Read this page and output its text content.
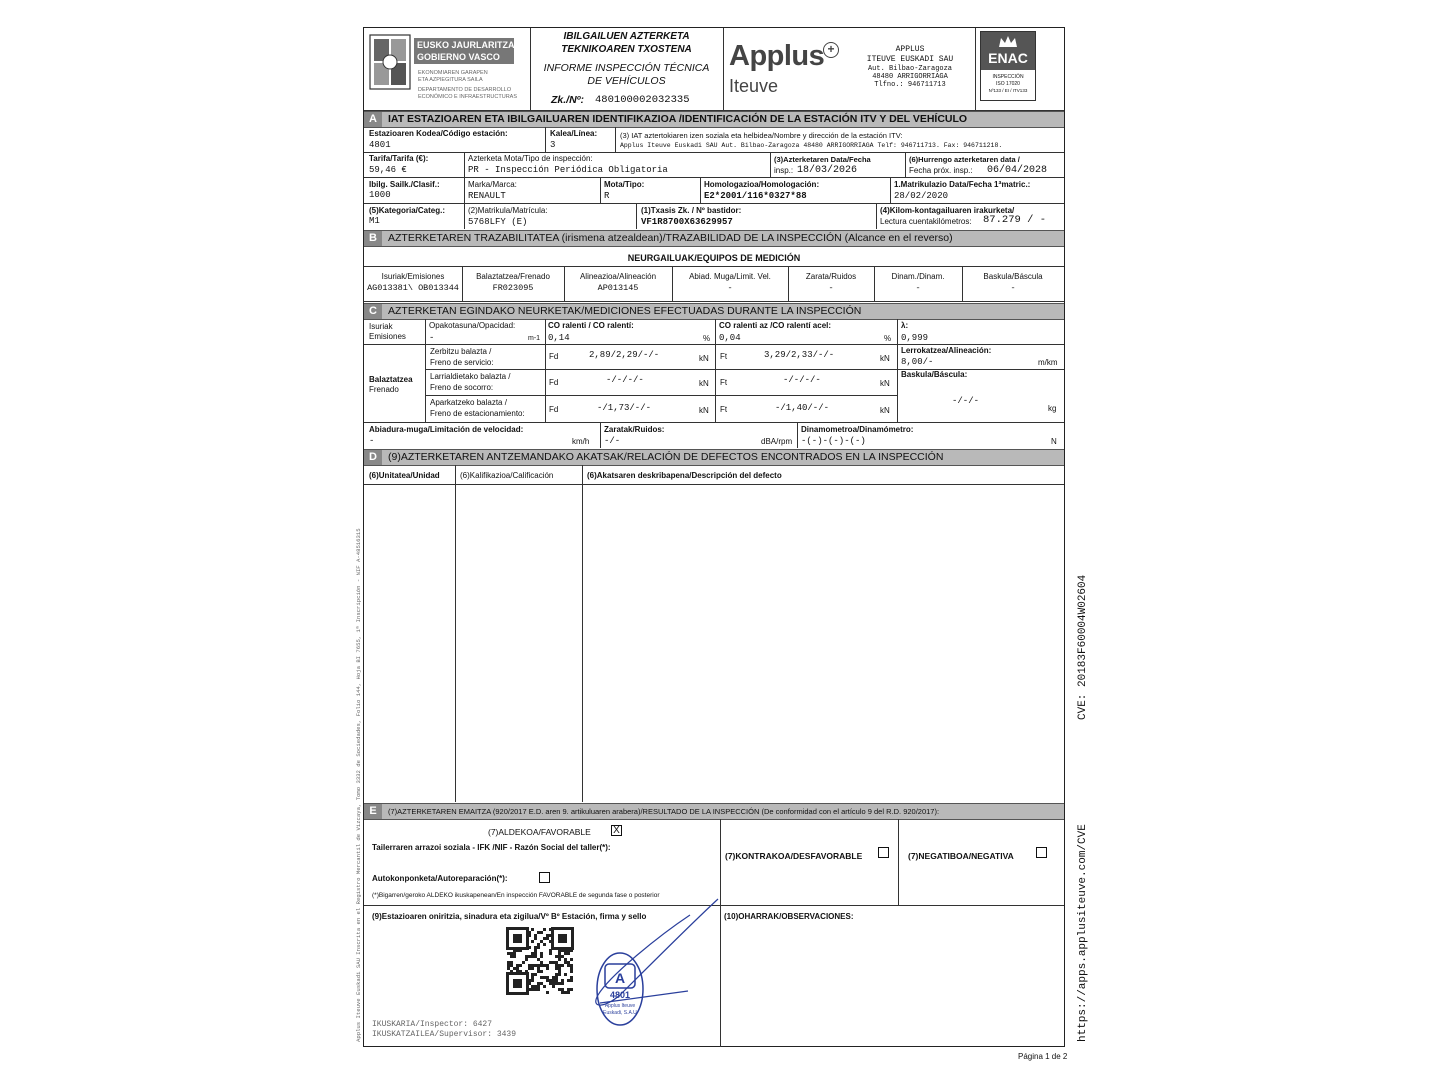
EUSKO JAURLARITZA
GOBIERNO VASCO
EKONOMIAREN GARAPEN
ETA AZPIEGITURA SAILA
DEPARTAMENTO DE DESARROLLO
ECONÓMICO E INFRAESTRUCTURAS
IBILGAILUEN AZTERKETA
TEKNIKOAREN TXOSTENA
INFORME INSPECCIÓN TÉCNICA
DE VEHÍCULOS
Zk./Nº: 480100002032335
Applus +
Iteuve
APPLUS
ITEUVE EUSKADI SAU
Aut. Bilbao-Zaragoza
48480 ARRIGORRIAGA
Tlfno.: 946711713
ENAC
INSPECCIÓN
ISO 17020
Nº133 / EI / ITV133
A	IAT ESTAZIOAREN ETA IBILGAILUAREN IDENTIFIKAZIOA /IDENTIFICACIÓN DE LA ESTACIÓN ITV Y DEL VEHÍCULO
Estazioaren Kodea/Código estación:
4801
Kalea/Línea:
3
(3) IAT aztertokiaren izen soziala eta helbidea/Nombre y dirección de la estación ITV:
Applus Iteuve Euskadi SAU Aut. Bilbao-Zaragoza 48480 ARRIGORRIAGA Telf: 946711713. Fax: 946711218.
Tarifa/Tarifa (€):
59,46 €
Azterketa Mota/Tipo de inspección:
PR - Inspección Periódica Obligatoria
(3)Azterketaren Data/Fecha
insp.: 18/03/2026
(6)Hurrengo azterketaren data /
Fecha próx. insp.: 06/04/2028
Ibilg. Sailk./Clasif.:
1000
Marka/Marca:
RENAULT
Mota/Tipo:
R
Homologazioa/Homologación:
E2*2001/116*0327*88
1.Matrikulazio Data/Fecha 1ªmatric.:
28/02/2020
(5)Kategoria/Categ.:
M1
(2)Matrikula/Matrícula:
5768LFY (E)
(1)Txasis Zk. / Nº bastidor:
VF1R8700X63629957
(4)Kilom-kontagailuaren irakurketa/
Lectura cuentakilómetros: 87.279 / -
B	AZTERKETAREN TRAZABILITATEA (irismena atzealdean)/TRAZABILIDAD DE LA INSPECCIÓN (Alcance en el reverso)
NEURGAILUAK/EQUIPOS DE MEDICIÓN
Isuriak/Emisiones
AG013381\ OB013344
Balaztatzea/Frenado
FR023095
Alineazioa/Alineación
AP013145
Abiad. Muga/Limit. Vel.
-
Zarata/Ruidos
-
Dinam./Dinam.
-
Baskula/Báscula
-
C	AZTERKETAN EGINDAKO NEURKETAK/MEDICIONES EFECTUADAS DURANTE LA INSPECCIÓN
Isuriak
Emisiones
Opakotasuna/Opacidad:
-	m-1
CO ralenti / CO ralentí:
0,14	%
CO ralenti az /CO ralentí acel:
0,04	%
λ:
0,999
Balaztatzea
Frenado
Zerbitzu balazta /
Freno de servicio:
Fd	2,89/2,29/-/-	kN Ft	3,29/2,33/-/-	kN
Larrialdietako balazta /
Freno de socorro:
Fd	-/-/-/-	kN Ft	-/-/-/-	kN
Aparkatzeko balazta /
Freno de estacionamiento:	Fd	-/1,73/-/-	kN Ft	-/1,40/-/-	kN
Lerrokatzea/Alineación:
8,00/-	m/km
Baskula/Báscula:
-/-/-
kg
Abiadura-muga/Limitación de velocidad:
-	km/h
Zaratak/Ruidos:
-/-	dBA/rpm
Dinamometroa/Dinamómetro:
-(-)-(-)-(-)	N
D	(9)AZTERKETAREN ANTZEMANDAKO AKATSAK/RELACIÓN DE DEFECTOS ENCONTRADOS EN LA INSPECCIÓN
(6)Unitatea/Unidad	(6)Kalifikazioa/Calificación	(6)Akatsaren deskribapena/Descripción del defecto
E	(7)AZTERKETAREN EMAITZA (920/2017 E.D. aren 9. artikuluaren arabera)/RESULTADO DE LA INSPECCIÓN (De conformidad con el artículo 9 del R.D. 920/2017):
(7)ALDEKOA/FAVORABLE X
Tailerraren arrazoi soziala - IFK /NIF - Razón Social del taller(*):
Autokonponketa/Autoreparación(*):
(*)Bigarren/geroko ALDEKO ikuskapenean/En inspección FAVORABLE de segunda fase o posterior
(7)KONTRAKOA/DESFAVORABLE	(7)NEGATIBOA/NEGATIVA
(9)Estazioaren oniritzia, sinadura eta zigilua/Vº Bº Estación, firma y sello	(10)OHARRAK/OBSERVACIONES:
A
4801
Applus Iteuve
Euskadi, S.A.U
IKUSKARIA/Inspector: 6427
IKUSKATZAILEA/Supervisor: 3439
Página 1 de 2
CVE: 20183F60004W02604
https://apps.applusiteuve.com/CVE
Applus Iteuve Euskadi SAU Inscrita en el Registro Mercantil de Vizcaya, Tomo 3332 de Sociedades, Folio 144, Hoja BI 7655, 1ª Inscripción - NIF A-48516315
